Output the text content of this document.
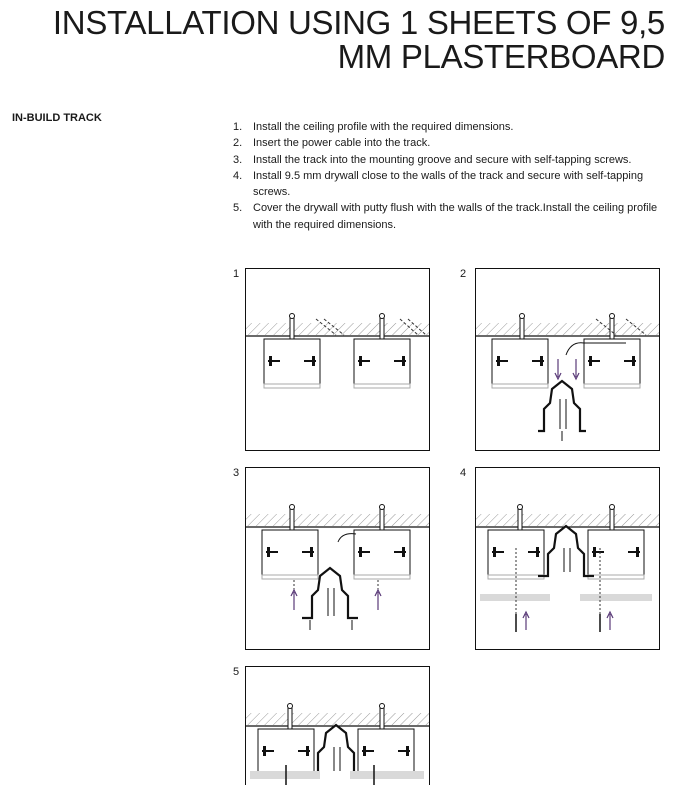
INSTALLATION USING 1 SHEETS OF 9,5 MM PLASTERBOARD
IN-BUILD TRACK
1. Install the ceiling profile with the required dimensions.
2. Insert the power cable into the track.
3. Install the track into the mounting groove and secure with self-tapping screws.
4. Install 9.5 mm drywall close to the walls of the track and secure with self-tapping screws.
5. Cover the drywall with putty flush with the walls of the track.Install the ceiling profile with the required dimensions.
1	2
3	4
5
